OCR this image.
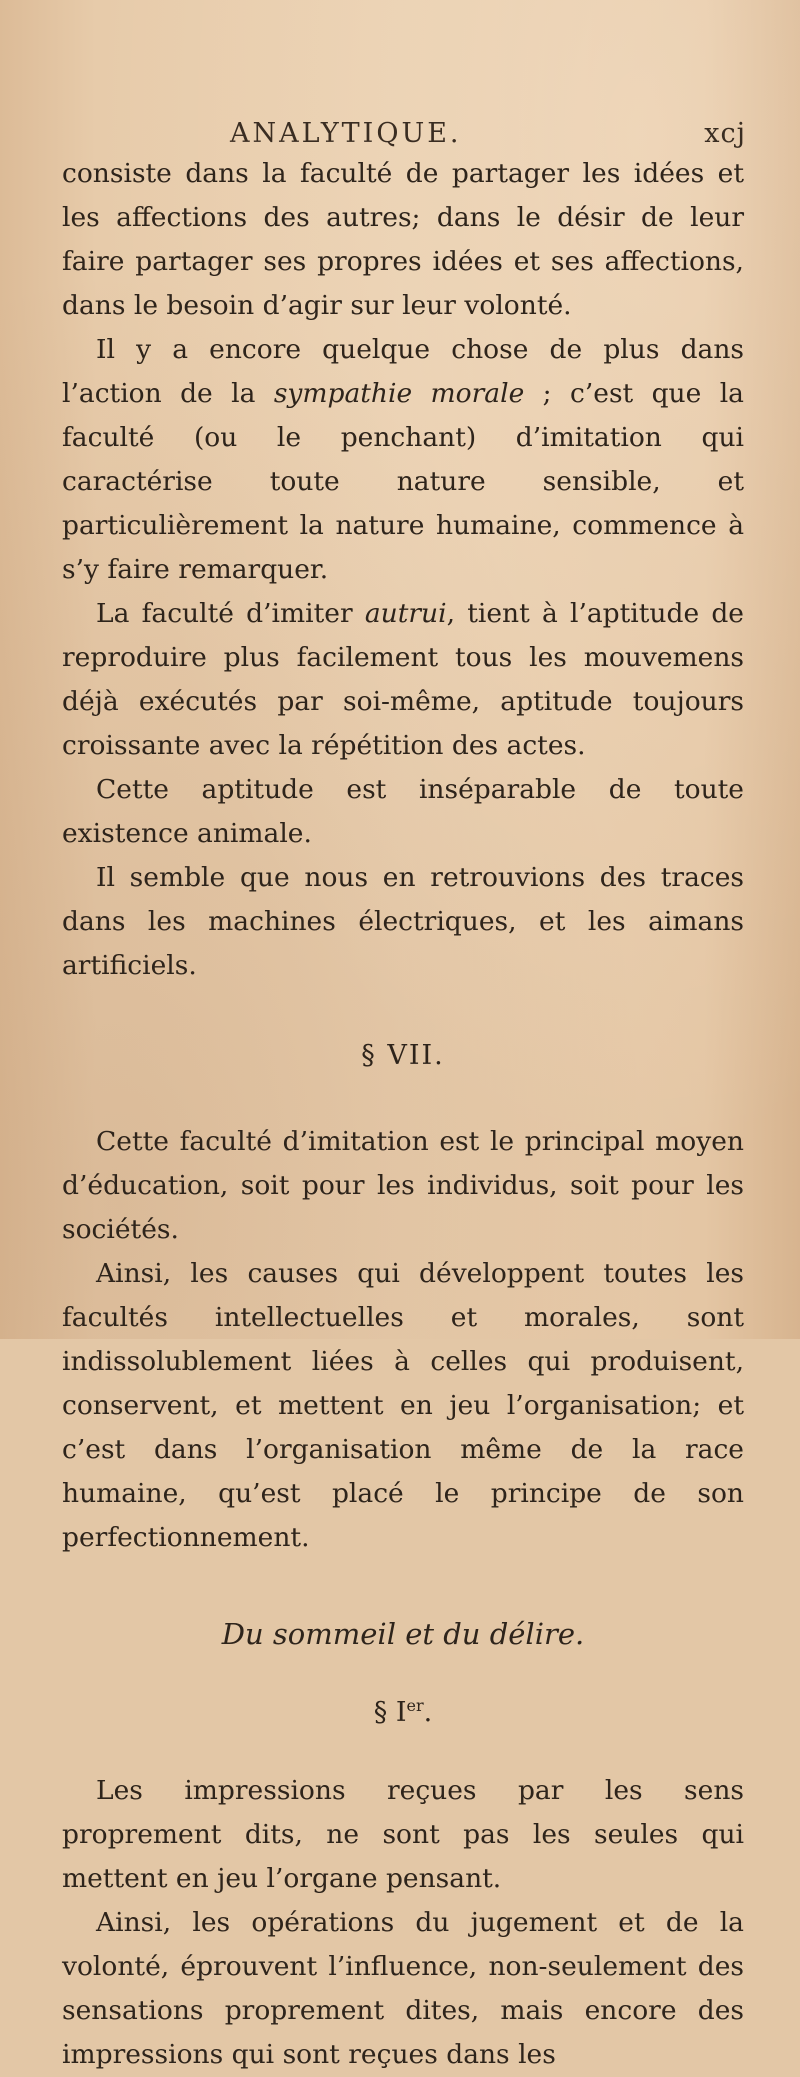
ANALYTIQUE.	xcj

consiste dans la faculté de partager les idées et les affections des autres; dans le désir de leur faire partager ses propres idées et ses affections, dans le besoin d’agir sur leur volonté.

Il y a encore quelque chose de plus dans l’action de la sympathie morale ; c’est que la faculté (ou le penchant) d’imitation qui caractérise toute nature sensible, et particulièrement la nature humaine, commence à s’y faire remarquer.

La faculté d’imiter autrui, tient à l’aptitude de reproduire plus facilement tous les mouvemens déjà exécutés par soi-même, aptitude toujours croissante avec la répétition des actes.

Cette aptitude est inséparable de toute existence animale.

Il semble que nous en retrouvions des traces dans les machines électriques, et les aimans artificiels.

§ VII.

Cette faculté d’imitation est le principal moyen d’éducation, soit pour les individus, soit pour les sociétés.

Ainsi, les causes qui développent toutes les facultés intellectuelles et morales, sont indissolublement liées à celles qui produisent, conservent, et mettent en jeu l’organisation; et c’est dans l’organisation même de la race humaine, qu’est placé le principe de son perfectionnement.

Du sommeil et du délire.
§ Ier.

Les impressions reçues par les sens proprement dits, ne sont pas les seules qui mettent en jeu l’organe pensant.

Ainsi, les opérations du jugement et de la volonté, éprouvent l’influence, non-seulement des sensations proprement dites, mais encore des impressions qui sont reçues dans les
